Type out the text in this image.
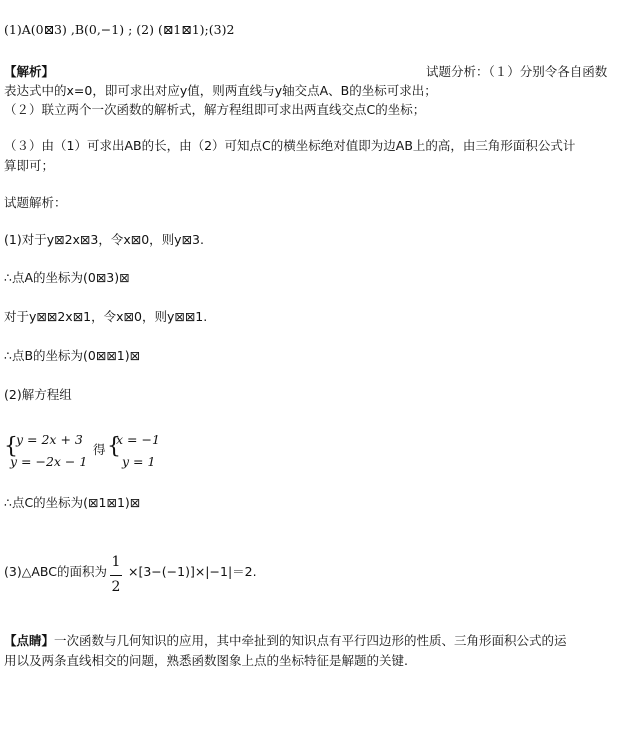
(1)A(0⊠3) ,B(0,−1) ; (2) (⊠1⊠1);(3)2
【解析】	试题分析：（１）分别令各自函数
表达式中的x=0，即可求出对应y值，则两直线与y轴交点A、B的坐标可求出；
（２）联立两个一次函数的解析式，解方程组即可求出两直线交点C的坐标；
（３）由（1）可求出AB的长，由（2）可知点C的横坐标绝对值即为边AB上的高，由三角形面积公式计
算即可；
试题解析：
(1)对于y⊠2x⊠3，令x⊠0，则y⊠3.
∴点A的坐标为(0⊠3)⊠
对于y⊠⊠2x⊠1，令x⊠0，则y⊠⊠1.
∴点B的坐标为(0⊠⊠1)⊠
(2)解方程组
{
y = 2x + 3
y = −2x − 1
得 {
x = −1
y = 1
∴点C的坐标为(⊠1⊠1)⊠
(3)△ABC的面积为
1
2
×[3−(−1)]×|−1|＝2.
【点睛】一次函数与几何知识的应用，其中牵扯到的知识点有平行四边形的性质、三角形面积公式的运
用以及两条直线相交的问题，熟悉函数图象上点的坐标特征是解题的关键.
